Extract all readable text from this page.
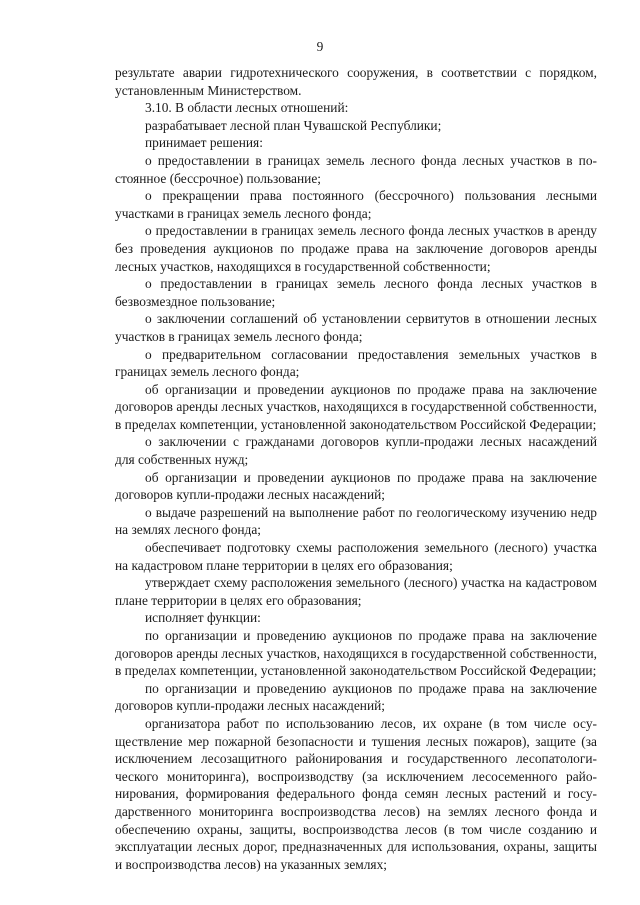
9

результате аварии гидротехнического сооружения, в соответствии с порядком, установленным Министерством.

3.10. В области лесных отношений:

разрабатывает лесной план Чувашской Республики;

принимает решения:

о предоставлении в границах земель лесного фонда лесных участков в постоянное (бессрочное) пользование;

о прекращении права постоянного (бессрочного) пользования лесными участками в границах земель лесного фонда;

о предоставлении в границах земель лесного фонда лесных участков в аренду без проведения аукционов по продаже права на заключение договоров аренды лесных участков, находящихся в государственной собственности;

о предоставлении в границах земель лесного фонда лесных участков в безвозмездное пользование;

о заключении соглашений об установлении сервитутов в отношении лесных участков в границах земель лесного фонда;

о предварительном согласовании предоставления земельных участков в границах земель лесного фонда;

об организации и проведении аукционов по продаже права на заключение договоров аренды лесных участков, находящихся в государственной собственности, в пределах компетенции, установленной законодательством Российской Федерации;

о заключении с гражданами договоров купли-продажи лесных насаждений для собственных нужд;

об организации и проведении аукционов по продаже права на заключение договоров купли-продажи лесных насаждений;

о выдаче разрешений на выполнение работ по геологическому изучению недр на землях лесного фонда;

обеспечивает подготовку схемы расположения земельного (лесного) участка на кадастровом плане территории в целях его образования;

утверждает схему расположения земельного (лесного) участка на кадастровом плане территории в целях его образования;

исполняет функции:

по организации и проведению аукционов по продаже права на заключение договоров аренды лесных участков, находящихся в государственной собственности, в пределах компетенции, установленной законодательством Российской Федерации;

по организации и проведению аукционов по продаже права на заключение договоров купли-продажи лесных насаждений;

организатора работ по использованию лесов, их охране (в том числе осуществление мер пожарной безопасности и тушения лесных пожаров), защите (за исключением лесозащитного районирования и государственного лесопатологического мониторинга), воспроизводству (за исключением лесосеменного районирования, формирования федерального фонда семян лесных растений и государственного мониторинга воспроизводства лесов) на землях лесного фонда и обеспечению охраны, защиты, воспроизводства лесов (в том числе созданию и эксплуатации лесных дорог, предназначенных для использования, охраны, защиты и воспроизводства лесов) на указанных землях;
